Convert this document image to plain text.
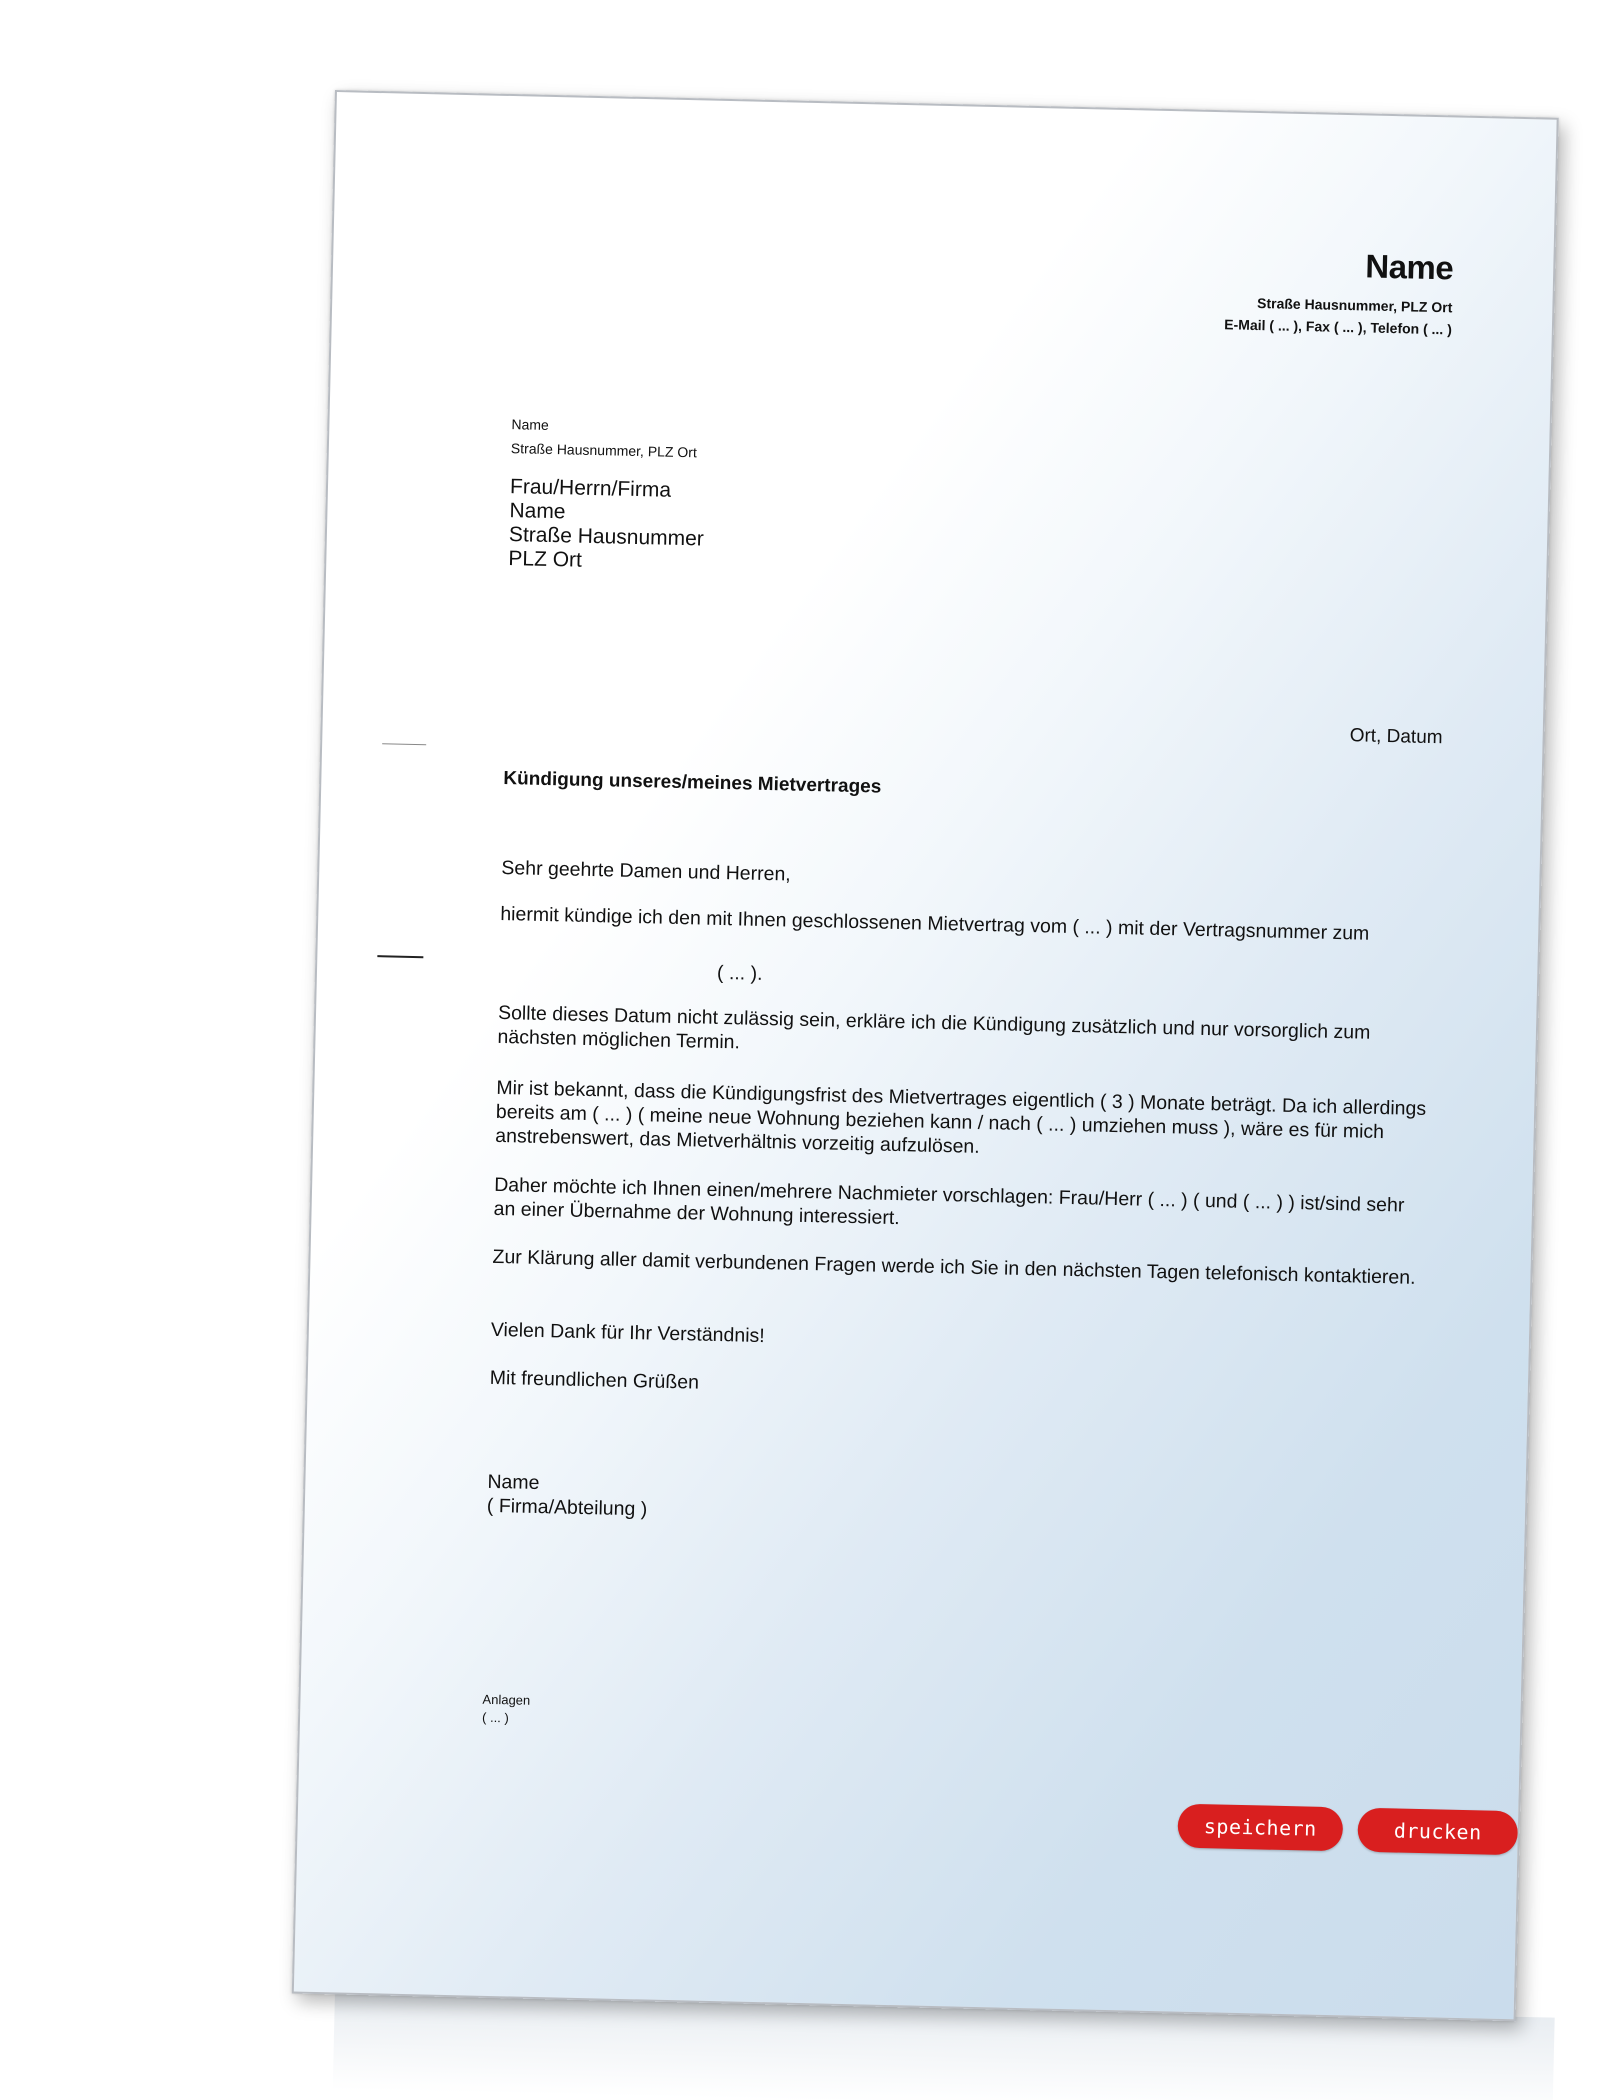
Name
Straße Hausnummer, PLZ Ort
E-Mail ( ... ), Fax ( ... ), Telefon ( ... )
Name
Straße Hausnummer, PLZ Ort
Frau/Herrn/Firma
Name
Straße Hausnummer
PLZ Ort
Ort, Datum
Kündigung unseres/meines Mietvertrages
Sehr geehrte Damen und Herren,
hiermit kündige ich den mit Ihnen geschlossenen Mietvertrag vom ( ... ) mit der Vertragsnummer zum
( ... ).
Sollte dieses Datum nicht zulässig sein, erkläre ich die Kündigung zusätzlich und nur vorsorglich zum nächsten möglichen Termin.
Mir ist bekannt, dass die Kündigungsfrist des Mietvertrages eigentlich ( 3 ) Monate beträgt. Da ich allerdings bereits am ( ... ) ( meine neue Wohnung beziehen kann / nach ( ... ) umziehen muss ), wäre es für mich anstrebenswert, das Mietverhältnis vorzeitig aufzulösen.
Daher möchte ich Ihnen einen/mehrere Nachmieter vorschlagen: Frau/Herr ( ... ) ( und ( ... ) ) ist/sind sehr an einer Übernahme der Wohnung interessiert.
Zur Klärung aller damit verbundenen Fragen werde ich Sie in den nächsten Tagen telefonisch kontaktieren.
Vielen Dank für Ihr Verständnis!
Mit freundlichen Grüßen
Name
( Firma/Abteilung )
Anlagen
( ... )
speichern	drucken
